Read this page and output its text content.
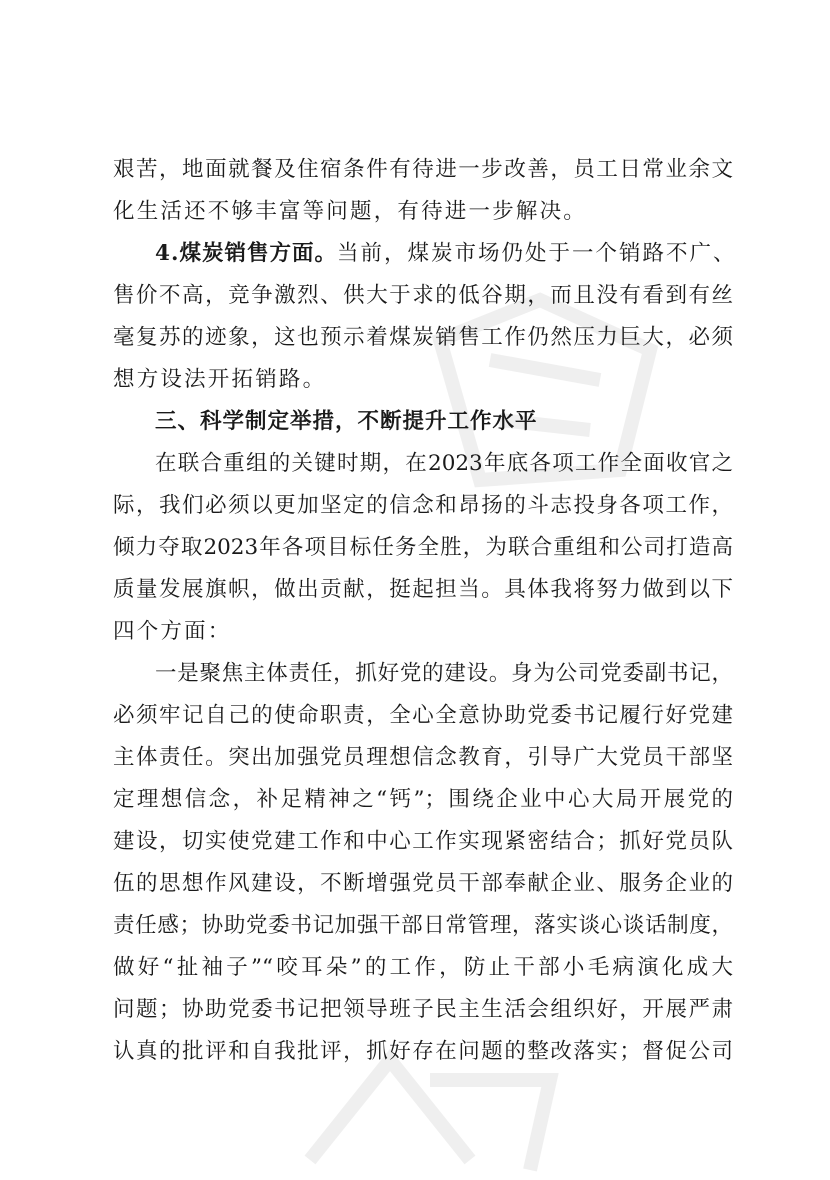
艰苦，地面就餐及住宿条件有待进一步改善，员工日常业余文
化生活还不够丰富等问题，有待进一步解决。
4.煤炭销售方面。 当前，煤炭市场仍处于一个销路不广、
售价不高，竞争激烈、供大于求的低谷期，而且没有看到有丝
毫复苏的迹象，这也预示着煤炭销售工作仍然压力巨大，必须
想方设法开拓销路。
三、科学制定举措，不断提升工作水平
在联合重组的关键时期，在2023年底各项工作全面收官之
际，我们必须以更加坚定的信念和昂扬的斗志投身各项工作，
倾力夺取2023年各项目标任务全胜，为联合重组和公司打造高
质量发展旗帜，做出贡献，挺起担当。具体我将努力做到以下
四个方面：
一是聚焦主体责任，抓好党的建设。身为公司党委副书记，
必须牢记自己的使命职责，全心全意协助党委书记履行好党建
主体责任。突出加强党员理想信念教育，引导广大党员干部坚
定理想信念，补足精神之“钙”；围绕企业中心大局开展党的
建设，切实使党建工作和中心工作实现紧密结合；抓好党员队
伍的思想作风建设，不断增强党员干部奉献企业、服务企业的
责任感；协助党委书记加强干部日常管理，落实谈心谈话制度，
做好“扯袖子”“咬耳朵”的工作，防止干部小毛病演化成大
问题；协助党委书记把领导班子民主生活会组织好，开展严肃
认真的批评和自我批评，抓好存在问题的整改落实；督促公司
